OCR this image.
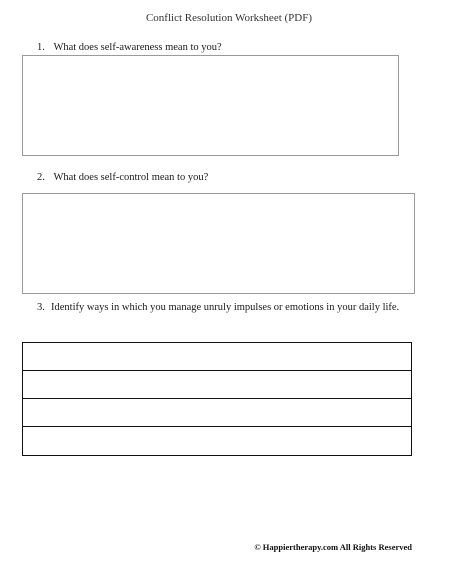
Conflict Resolution Worksheet (PDF)
1. What does self-awareness mean to you?
2. What does self-control mean to you?
3. Identify ways in which you manage unruly impulses or emotions in your daily life.
© Happiertherapy.com All Rights Reserved
